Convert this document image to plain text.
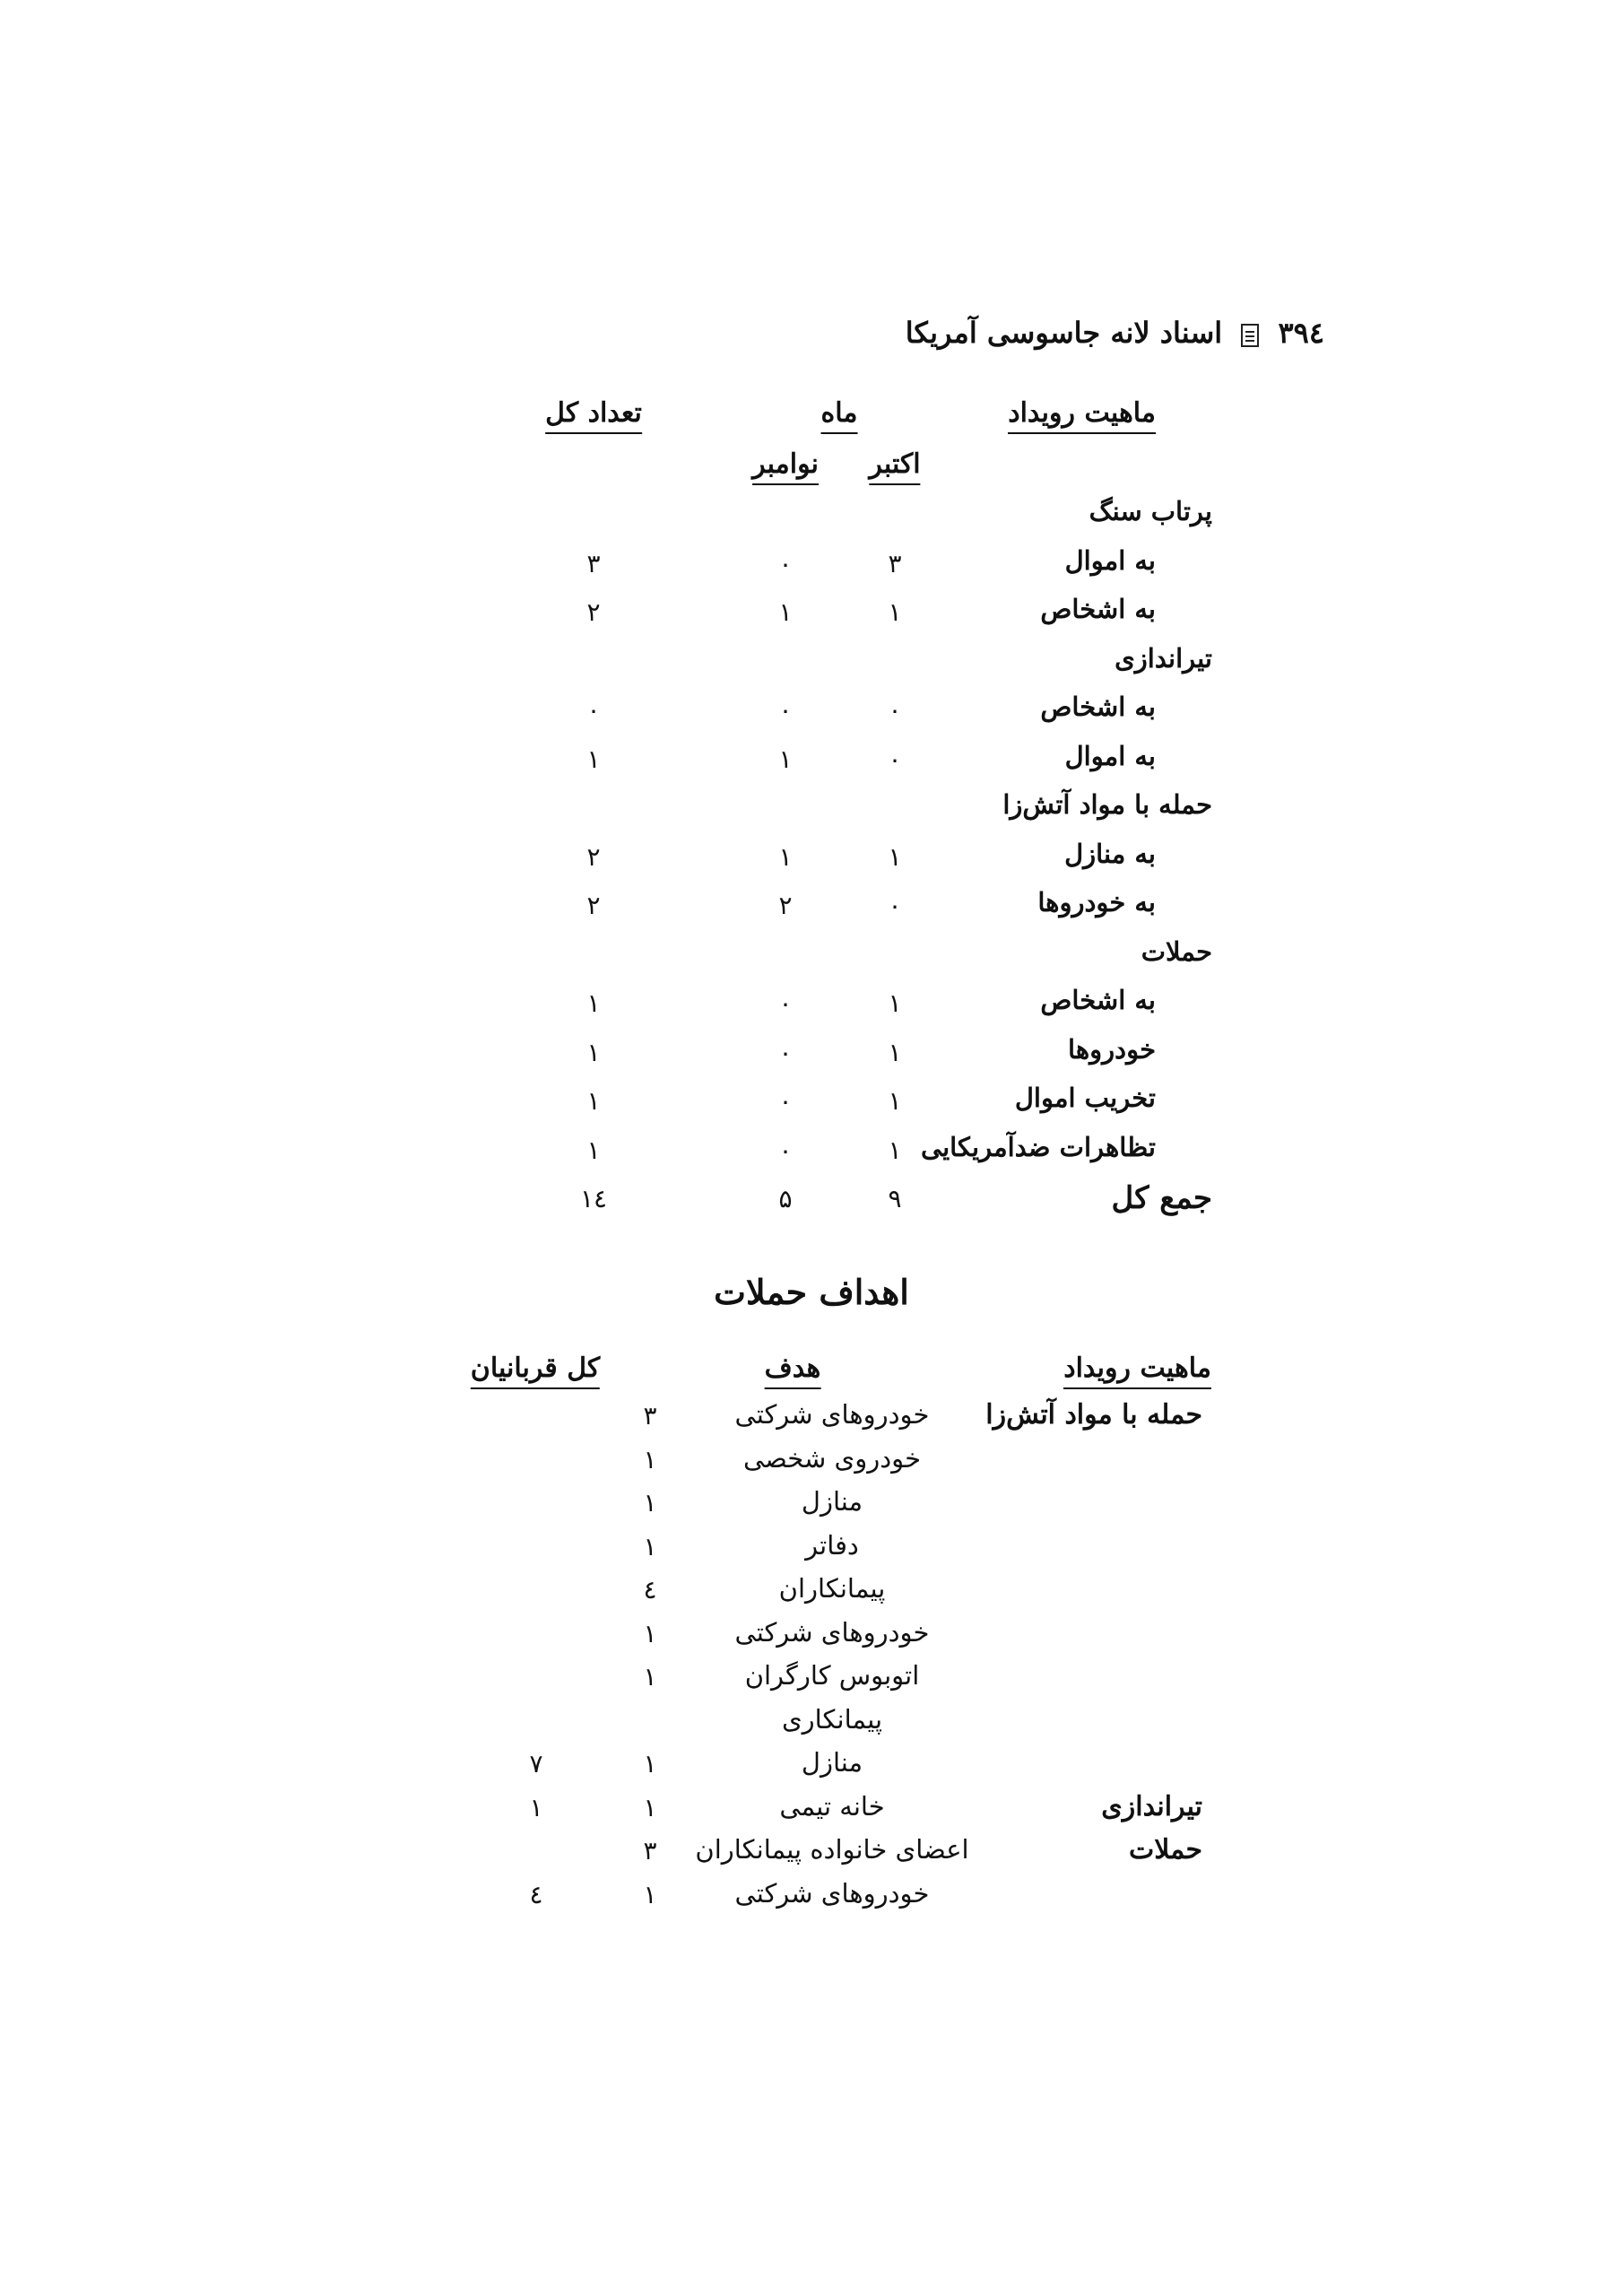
۳۹٤  اسناد لانه جاسوسی آمریکا
ماهیت رویداد
ماه
تعداد کل
اکتبر
نوامبر
پرتاب سنگ
به اموال
۳
۰
۳
به اشخاص
۱
۱
۲
تیراندازی
به اشخاص
۰
۰
۰
به اموال
۰
۱
۱
حمله با مواد آتش‌زا
به منازل
۱
۱
۲
به خودروها
۰
۲
۲
حملات
به اشخاص
۱
۰
۱
خودروها
۱
۰
۱
تخریب اموال
۱
۰
۱
تظاهرات ضدآمریکایی
۱
۰
۱
جمع کل
۹
۵
۱٤
اهداف حملات
ماهیت رویداد
هدف
کل قربانیان
حمله با مواد آتش‌زا
خودروهای شرکتی
۳
خودروی شخصی
۱
منازل
۱
دفاتر
۱
پیمانکاران
٤
خودروهای شرکتی
۱
اتوبوس کارگران
۱
پیمانکاری
منازل
۱
۷
تیراندازی
خانه تیمی
۱
۱
حملات
اعضای خانواده پیمانکاران
۳
خودروهای شرکتی
۱
٤
